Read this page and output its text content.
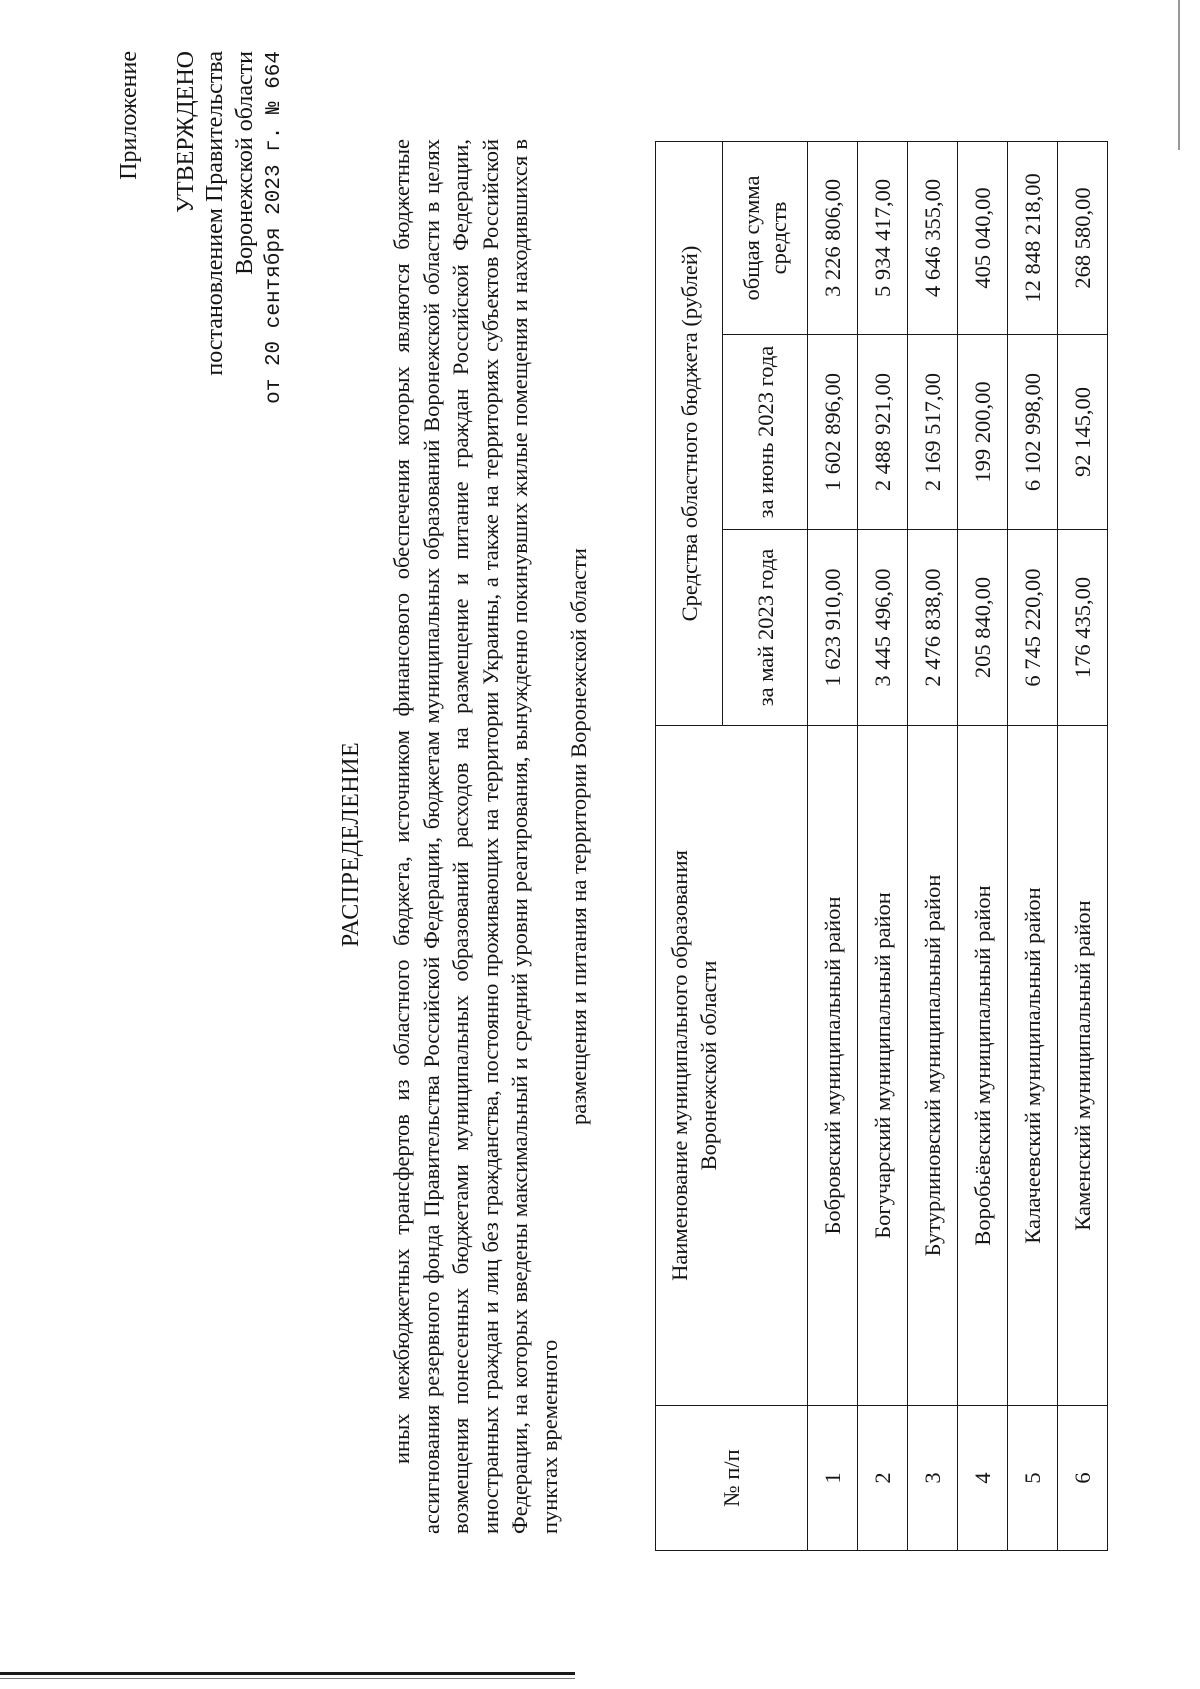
Приложение УТВЕРЖДЕНО постановлением Правительства Воронежской области от 20 сентября 2023 г. № 664
РАСПРЕДЕЛЕНИЕ иных межбюджетных трансфертов из областного бюджета, источником финансового обеспечения которых являются бюджетные ассигнования резервного фонда Правительства Российской Федерации, бюджетам муниципальных образований Воронежской области в целях возмещения понесенных бюджетами муниципальных образований расходов на размещение и питание граждан Российской Федерации, иностранных граждан и лиц без гражданства, постоянно проживающих на территории Украины, а также на территориях субъектов Российской Федерации, на которых введены максимальный и средний уровни реагирования, вынужденно покинувших жилые помещения и находившихся в пунктах временного
размещения и питания на территории Воронежской области
№ п/п	Наименование муниципального образования Воронежской области	Средства областного бюджета (рублей)		
		за май 2023 года	за июнь 2023 года	общая сумма средств
1	Бобровский муниципальный район	1 623 910,00	1 602 896,00	3 226 806,00
2	Богучарский муниципальный район	3 445 496,00	2 488 921,00	5 934 417,00
3	Бутурлиновский муниципальный район	2 476 838,00	2 169 517,00	4 646 355,00
4	Воробьёвский муниципальный район	205 840,00	199 200,00	405 040,00
5	Калачеевский муниципальный район	6 745 220,00	6 102 998,00	12 848 218,00
6	Каменский муниципальный район	176 435,00	92 145,00	268 580,00
